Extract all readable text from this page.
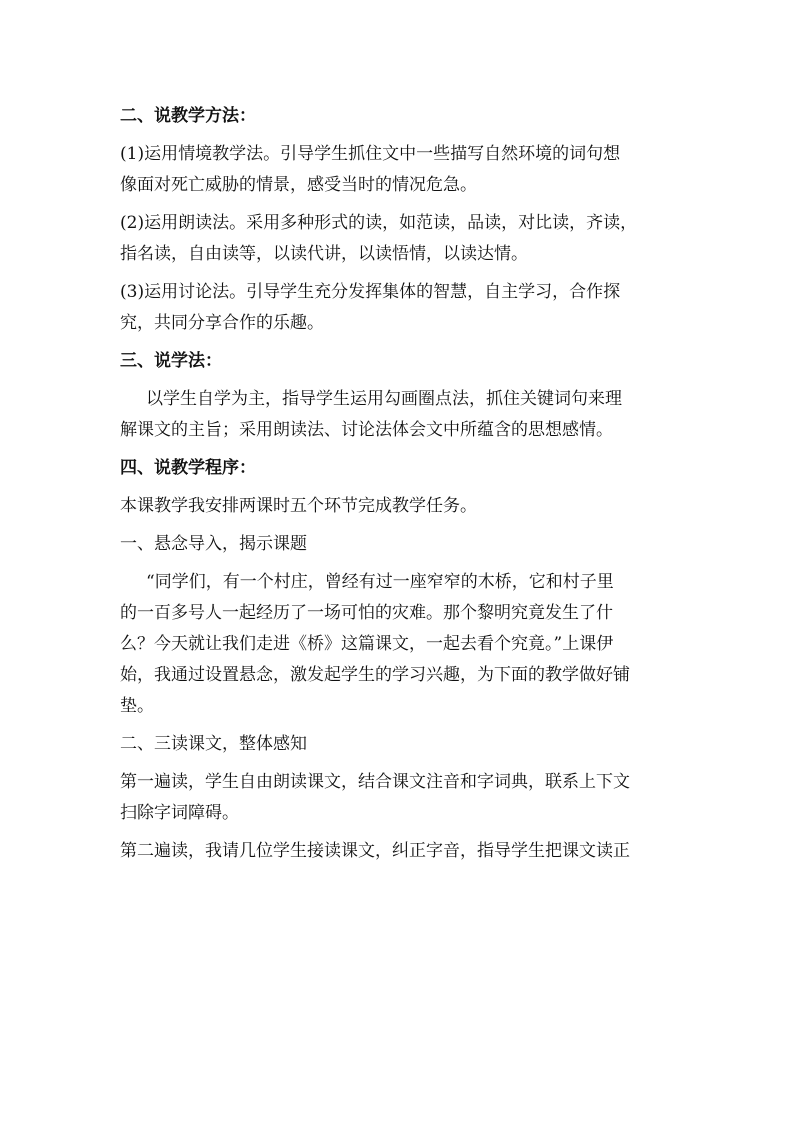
二、说教学方法：

(1)运用情境教学法。引导学生抓住文中一些描写自然环境的词句想

像面对死亡威胁的情景，感受当时的情况危急。

(2)运用朗读法。采用多种形式的读，如范读，品读，对比读，齐读，

指名读，自由读等，以读代讲，以读悟情，以读达情。

(3)运用讨论法。引导学生充分发挥集体的智慧，自主学习，合作探

究，共同分享合作的乐趣。

三、说学法：

以学生自学为主，指导学生运用勾画圈点法，抓住关键词句来理

解课文的主旨；采用朗读法、讨论法体会文中所蕴含的思想感情。

四、说教学程序：

本课教学我安排两课时五个环节完成教学任务。

一、悬念导入，揭示课题

“同学们，有一个村庄，曾经有过一座窄窄的木桥，它和村子里

的一百多号人一起经历了一场可怕的灾难。那个黎明究竟发生了什

么？今天就让我们走进《桥》这篇课文，一起去看个究竟。”上课伊

始，我通过设置悬念，激发起学生的学习兴趣，为下面的教学做好铺

垫。

二、三读课文，整体感知

第一遍读，学生自由朗读课文，结合课文注音和字词典，联系上下文

扫除字词障碍。

第二遍读，我请几位学生接读课文，纠正字音，指导学生把课文读正
